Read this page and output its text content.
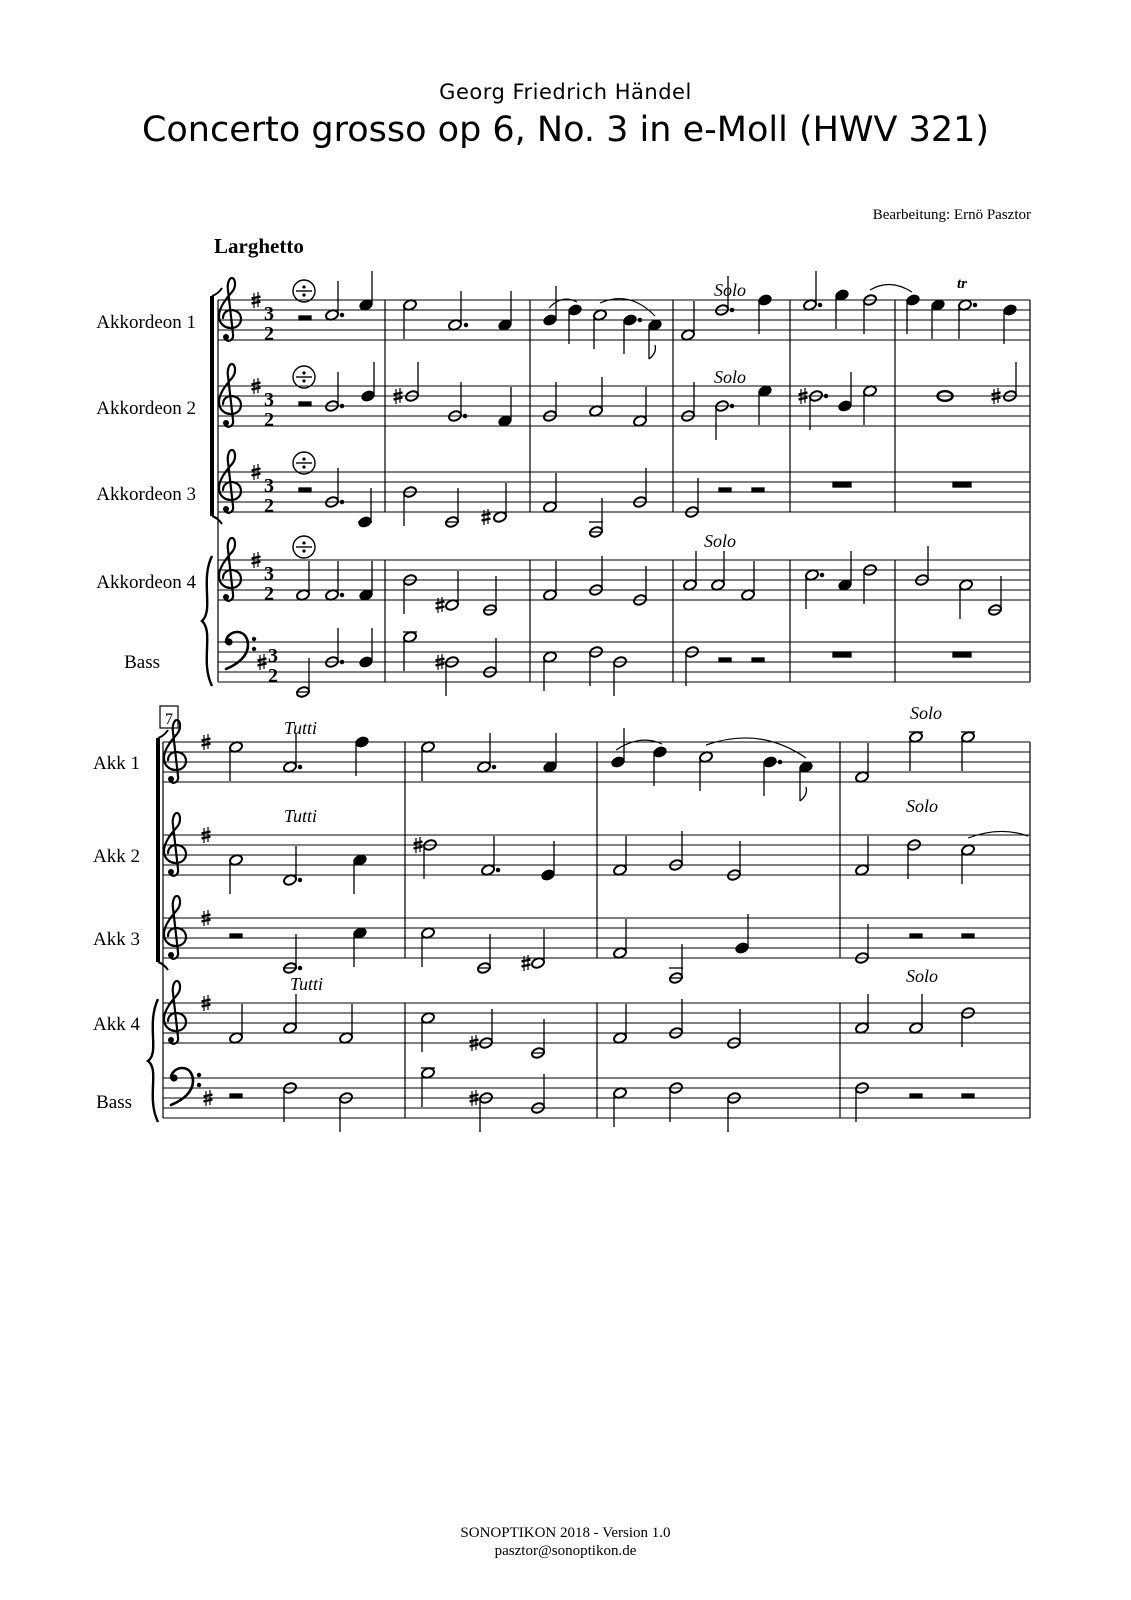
Georg Friedrich Händel
Concerto grosso op 6, No. 3 in e-Moll (HWV 321)
Bearbeitung: Ernö Pasztor
Larghetto
3
2
3
2
3
2
3
2
3
2
Akkordeon 1
Akkordeon 2
Akkordeon 3
Akkordeon 4
Bass
Solo
Solo
Solo
tr
7
Akk 1
Akk 2
Akk 3
Akk 4
Bass
Tutti
Solo
Tutti	Solo
Tutti	Solo
SONOPTIKON 2018 - Version 1.0
pasztor@sonoptikon.de
